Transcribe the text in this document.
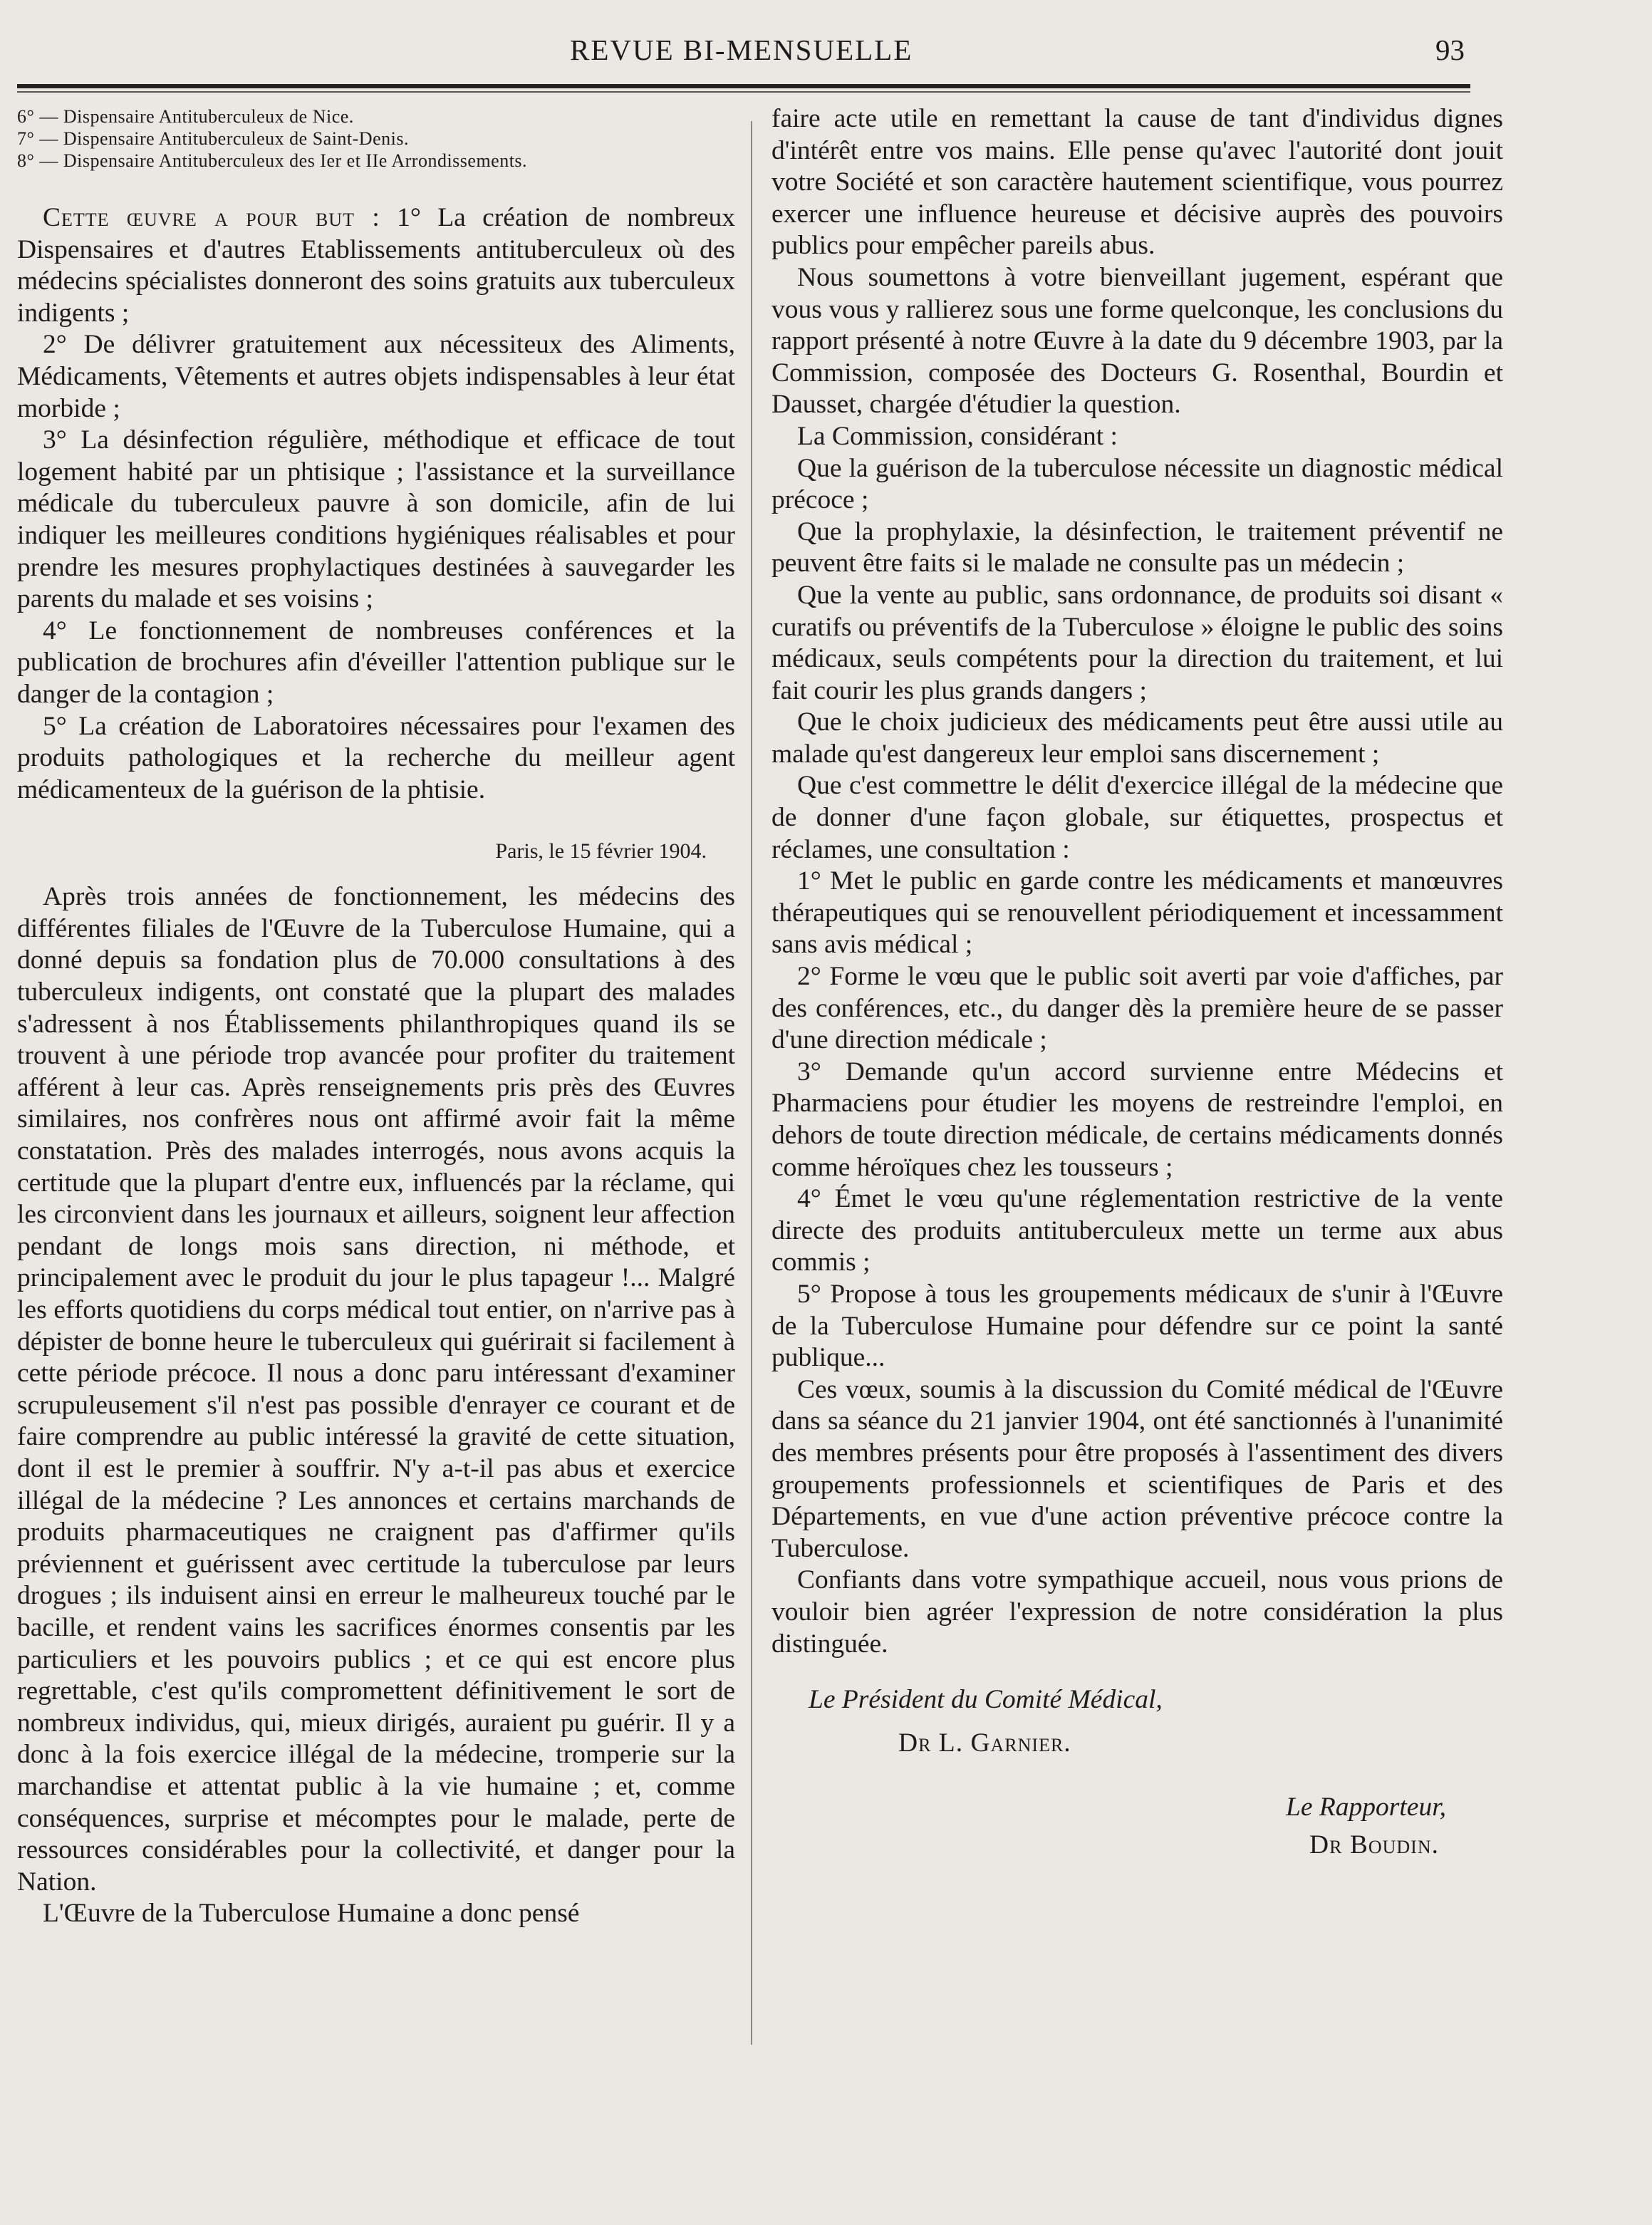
REVUE BI-MENSUELLE	93

6° — Dispensaire Antituberculeux de Nice.

7° — Dispensaire Antituberculeux de Saint-Denis.

8° — Dispensaire Antituberculeux des Ier et IIe Arrondissements.

Cette œuvre a pour but : 1° La création de nombreux Dispensaires et d'autres Etablissements antituberculeux où des médecins spécialistes donneront des soins gratuits aux tuberculeux indigents ;

2° De délivrer gratuitement aux nécessiteux des Aliments, Médicaments, Vêtements et autres objets indispensables à leur état morbide ;

3° La désinfection régulière, méthodique et efficace de tout logement habité par un phtisique ; l'assistance et la surveillance médicale du tuberculeux pauvre à son domicile, afin de lui indiquer les meilleures conditions hygiéniques réalisables et pour prendre les mesures prophylactiques destinées à sauvegarder les parents du malade et ses voisins ;

4° Le fonctionnement de nombreuses conférences et la publication de brochures afin d'éveiller l'attention publique sur le danger de la contagion ;

5° La création de Laboratoires nécessaires pour l'examen des produits pathologiques et la recherche du meilleur agent médicamenteux de la guérison de la phtisie.

Paris, le 15 février 1904.

Après trois années de fonctionnement, les médecins des différentes filiales de l'Œuvre de la Tuberculose Humaine, qui a donné depuis sa fondation plus de 70.000 consultations à des tuberculeux indigents, ont constaté que la plupart des malades s'adressent à nos Établissements philanthropiques quand ils se trouvent à une période trop avancée pour profiter du traitement afférent à leur cas. Après renseignements pris près des Œuvres similaires, nos confrères nous ont affirmé avoir fait la même constatation. Près des malades interrogés, nous avons acquis la certitude que la plupart d'entre eux, influencés par la réclame, qui les circonvient dans les journaux et ailleurs, soignent leur affection pendant de longs mois sans direction, ni méthode, et principalement avec le produit du jour le plus tapageur !... Malgré les efforts quotidiens du corps médical tout entier, on n'arrive pas à dépister de bonne heure le tuberculeux qui guérirait si facilement à cette période précoce. Il nous a donc paru intéressant d'examiner scrupuleusement s'il n'est pas possible d'enrayer ce courant et de faire comprendre au public intéressé la gravité de cette situation, dont il est le premier à souffrir. N'y a-t-il pas abus et exercice illégal de la médecine ? Les annonces et certains marchands de produits pharmaceutiques ne craignent pas d'affirmer qu'ils préviennent et guérissent avec certitude la tuberculose par leurs drogues ; ils induisent ainsi en erreur le malheureux touché par le bacille, et rendent vains les sacrifices énormes consentis par les particuliers et les pouvoirs publics ; et ce qui est encore plus regrettable, c'est qu'ils compromettent définitivement le sort de nombreux individus, qui, mieux dirigés, auraient pu guérir. Il y a donc à la fois exercice illégal de la médecine, tromperie sur la marchandise et attentat public à la vie humaine ; et, comme conséquences, surprise et mécomptes pour le malade, perte de ressources considérables pour la collectivité, et danger pour la Nation.

L'Œuvre de la Tuberculose Humaine a donc pensé

faire acte utile en remettant la cause de tant d'individus dignes d'intérêt entre vos mains. Elle pense qu'avec l'autorité dont jouit votre Société et son caractère hautement scientifique, vous pourrez exercer une influence heureuse et décisive auprès des pouvoirs publics pour empêcher pareils abus.

Nous soumettons à votre bienveillant jugement, espérant que vous vous y rallierez sous une forme quelconque, les conclusions du rapport présenté à notre Œuvre à la date du 9 décembre 1903, par la Commission, composée des Docteurs G. Rosenthal, Bourdin et Dausset, chargée d'étudier la question.

La Commission, considérant :

Que la guérison de la tuberculose nécessite un diagnostic médical précoce ;

Que la prophylaxie, la désinfection, le traitement préventif ne peuvent être faits si le malade ne consulte pas un médecin ;

Que la vente au public, sans ordonnance, de produits soi disant « curatifs ou préventifs de la Tuberculose » éloigne le public des soins médicaux, seuls compétents pour la direction du traitement, et lui fait courir les plus grands dangers ;

Que le choix judicieux des médicaments peut être aussi utile au malade qu'est dangereux leur emploi sans discernement ;

Que c'est commettre le délit d'exercice illégal de la médecine que de donner d'une façon globale, sur étiquettes, prospectus et réclames, une consultation :

1° Met le public en garde contre les médicaments et manœuvres thérapeutiques qui se renouvellent périodiquement et incessamment sans avis médical ;

2° Forme le vœu que le public soit averti par voie d'affiches, par des conférences, etc., du danger dès la première heure de se passer d'une direction médicale ;

3° Demande qu'un accord survienne entre Médecins et Pharmaciens pour étudier les moyens de restreindre l'emploi, en dehors de toute direction médicale, de certains médicaments donnés comme héroïques chez les tousseurs ;

4° Émet le vœu qu'une réglementation restrictive de la vente directe des produits antituberculeux mette un terme aux abus commis ;

5° Propose à tous les groupements médicaux de s'unir à l'Œuvre de la Tuberculose Humaine pour défendre sur ce point la santé publique...

Ces vœux, soumis à la discussion du Comité médical de l'Œuvre dans sa séance du 21 janvier 1904, ont été sanctionnés à l'unanimité des membres présents pour être proposés à l'assentiment des divers groupements professionnels et scientifiques de Paris et des Départements, en vue d'une action préventive précoce contre la Tuberculose.

Confiants dans votre sympathique accueil, nous vous prions de vouloir bien agréer l'expression de notre considération la plus distinguée.

Le Président du Comité Médical,

Dr L. Garnier.

Le Rapporteur,

Dr Boudin.
